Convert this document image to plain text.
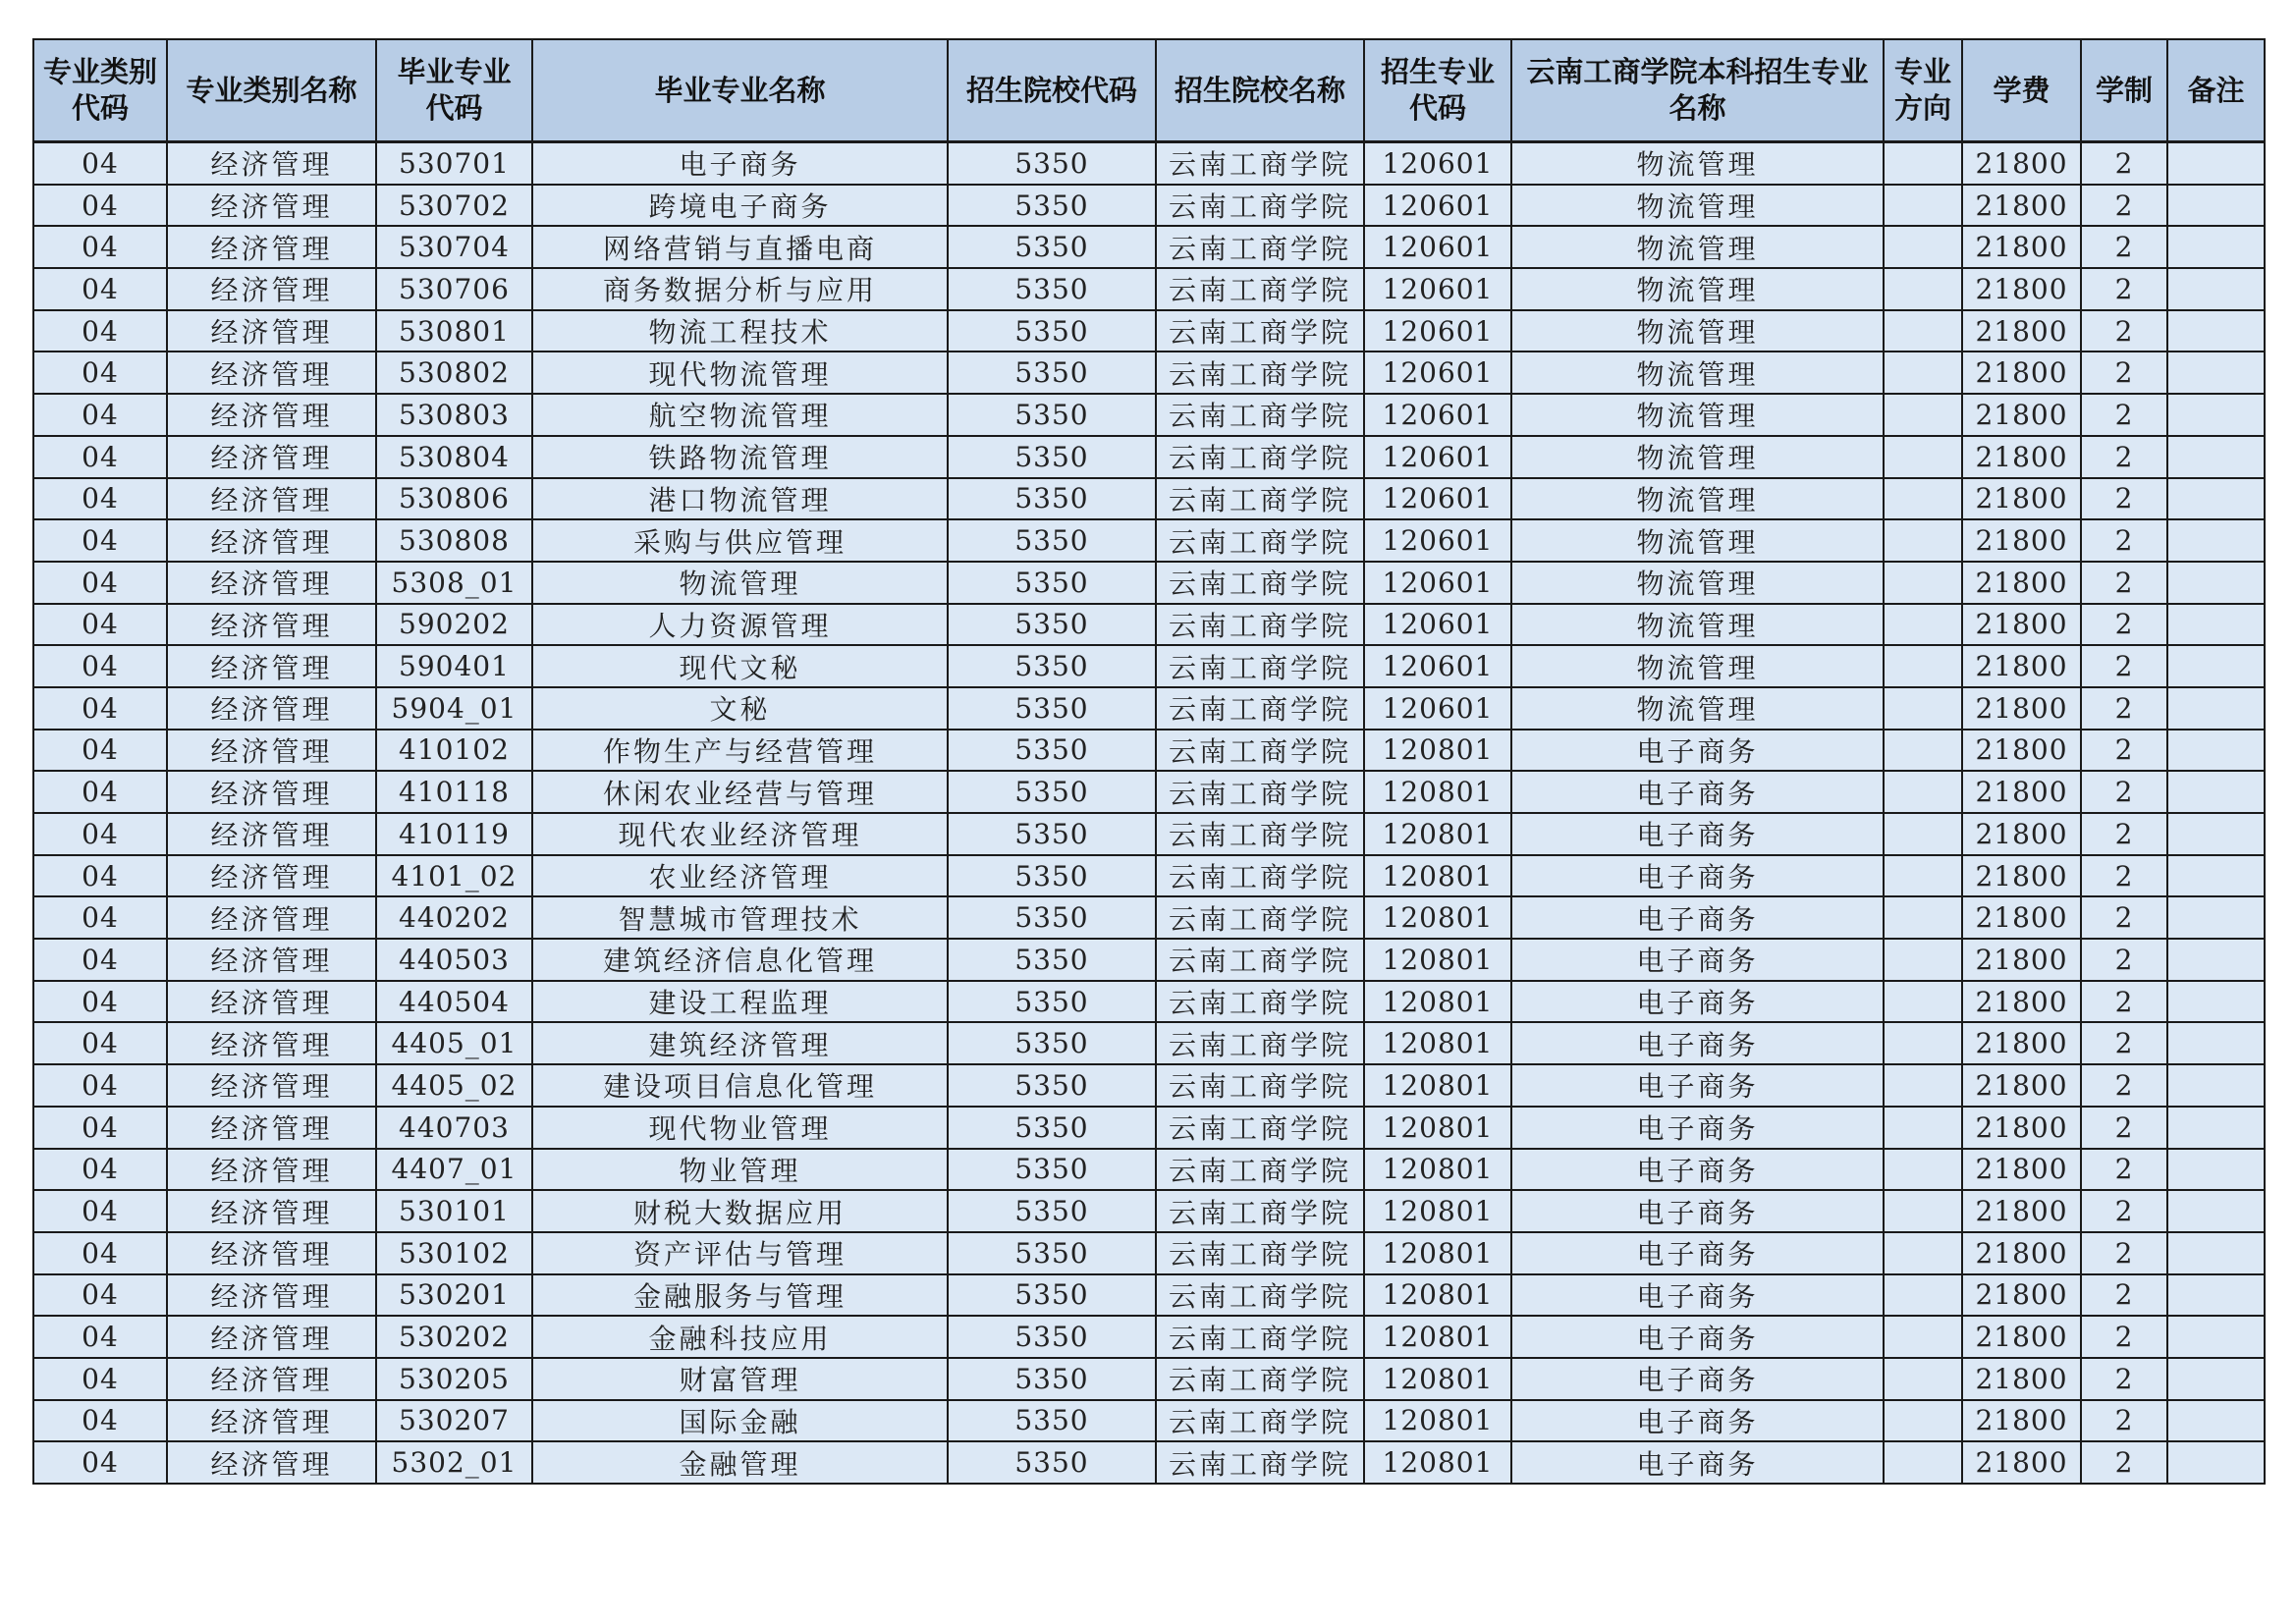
专业类别代码	专业类别名称	毕业专业代码	毕业专业名称	招生院校代码	招生院校名称	招生专业代码	云南工商学院本科招生专业名称	专业方向	学费	学制	备注
04	经济管理	530701	电子商务	5350	云南工商学院	120601	物流管理		21800	2	
04	经济管理	530702	跨境电子商务	5350	云南工商学院	120601	物流管理		21800	2	
04	经济管理	530704	网络营销与直播电商	5350	云南工商学院	120601	物流管理		21800	2	
04	经济管理	530706	商务数据分析与应用	5350	云南工商学院	120601	物流管理		21800	2	
04	经济管理	530801	物流工程技术	5350	云南工商学院	120601	物流管理		21800	2	
04	经济管理	530802	现代物流管理	5350	云南工商学院	120601	物流管理		21800	2	
04	经济管理	530803	航空物流管理	5350	云南工商学院	120601	物流管理		21800	2	
04	经济管理	530804	铁路物流管理	5350	云南工商学院	120601	物流管理		21800	2	
04	经济管理	530806	港口物流管理	5350	云南工商学院	120601	物流管理		21800	2	
04	经济管理	530808	采购与供应管理	5350	云南工商学院	120601	物流管理		21800	2	
04	经济管理	5308_01	物流管理	5350	云南工商学院	120601	物流管理		21800	2	
04	经济管理	590202	人力资源管理	5350	云南工商学院	120601	物流管理		21800	2	
04	经济管理	590401	现代文秘	5350	云南工商学院	120601	物流管理		21800	2	
04	经济管理	5904_01	文秘	5350	云南工商学院	120601	物流管理		21800	2	
04	经济管理	410102	作物生产与经营管理	5350	云南工商学院	120801	电子商务		21800	2	
04	经济管理	410118	休闲农业经营与管理	5350	云南工商学院	120801	电子商务		21800	2	
04	经济管理	410119	现代农业经济管理	5350	云南工商学院	120801	电子商务		21800	2	
04	经济管理	4101_02	农业经济管理	5350	云南工商学院	120801	电子商务		21800	2	
04	经济管理	440202	智慧城市管理技术	5350	云南工商学院	120801	电子商务		21800	2	
04	经济管理	440503	建筑经济信息化管理	5350	云南工商学院	120801	电子商务		21800	2	
04	经济管理	440504	建设工程监理	5350	云南工商学院	120801	电子商务		21800	2	
04	经济管理	4405_01	建筑经济管理	5350	云南工商学院	120801	电子商务		21800	2	
04	经济管理	4405_02	建设项目信息化管理	5350	云南工商学院	120801	电子商务		21800	2	
04	经济管理	440703	现代物业管理	5350	云南工商学院	120801	电子商务		21800	2	
04	经济管理	4407_01	物业管理	5350	云南工商学院	120801	电子商务		21800	2	
04	经济管理	530101	财税大数据应用	5350	云南工商学院	120801	电子商务		21800	2	
04	经济管理	530102	资产评估与管理	5350	云南工商学院	120801	电子商务		21800	2	
04	经济管理	530201	金融服务与管理	5350	云南工商学院	120801	电子商务		21800	2	
04	经济管理	530202	金融科技应用	5350	云南工商学院	120801	电子商务		21800	2	
04	经济管理	530205	财富管理	5350	云南工商学院	120801	电子商务		21800	2	
04	经济管理	530207	国际金融	5350	云南工商学院	120801	电子商务		21800	2	
04	经济管理	5302_01	金融管理	5350	云南工商学院	120801	电子商务		21800	2	
